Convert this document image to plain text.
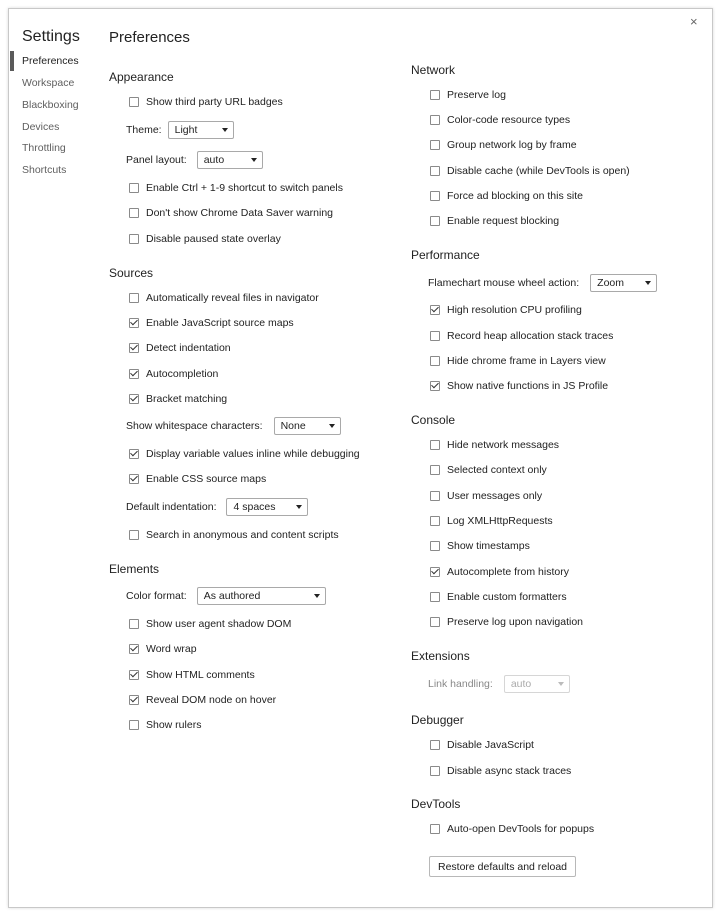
×
Settings
Preferences
Workspace
Blackboxing
Devices
Throttling
Shortcuts
Preferences
Appearance
Show third party URL badges
Theme: Light
Panel layout: auto
Enable Ctrl + 1-9 shortcut to switch panels
Don't show Chrome Data Saver warning
Disable paused state overlay
Sources
Automatically reveal files in navigator
Enable JavaScript source maps
Detect indentation
Autocompletion
Bracket matching
Show whitespace characters: None
Display variable values inline while debugging
Enable CSS source maps
Default indentation: 4 spaces
Search in anonymous and content scripts
Elements
Color format: As authored
Show user agent shadow DOM
Word wrap
Show HTML comments
Reveal DOM node on hover
Show rulers
Network
Preserve log
Color-code resource types
Group network log by frame
Disable cache (while DevTools is open)
Force ad blocking on this site
Enable request blocking
Performance
Flamechart mouse wheel action: Zoom
High resolution CPU profiling
Record heap allocation stack traces
Hide chrome frame in Layers view
Show native functions in JS Profile
Console
Hide network messages
Selected context only
User messages only
Log XMLHttpRequests
Show timestamps
Autocomplete from history
Enable custom formatters
Preserve log upon navigation
Extensions
Link handling: auto
Debugger
Disable JavaScript
Disable async stack traces
DevTools
Auto-open DevTools for popups
Restore defaults and reload
